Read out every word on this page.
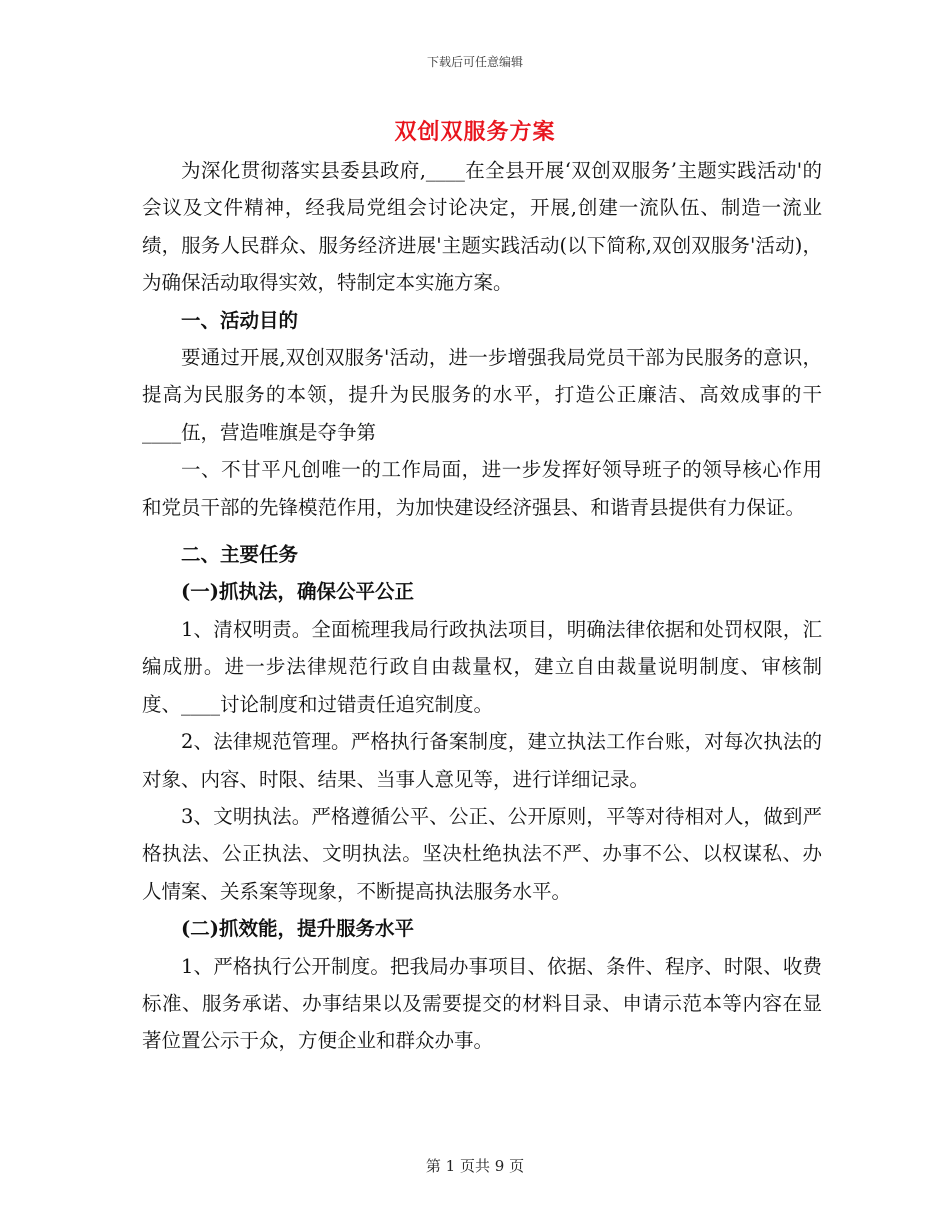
下载后可任意编辑
双创双服务方案

为深化贯彻落实县委县政府,____在全县开展‘双创双服务’主题实践活动'的会议及文件精神，经我局党组会讨论决定，开展,创建一流队伍、制造一流业绩，服务人民群众、服务经济进展'主题实践活动(以下简称,双创双服务'活动)，为确保活动取得实效，特制定本实施方案。

一、活动目的

要通过开展,双创双服务'活动，进一步增强我局党员干部为民服务的意识，提高为民服务的本领，提升为民服务的水平，打造公正廉洁、高效成事的干____伍，营造唯旗是夺争第

一、不甘平凡创唯一的工作局面，进一步发挥好领导班子的领导核心作用和党员干部的先锋模范作用，为加快建设经济强县、和谐青县提供有力保证。

二、主要任务

(一)抓执法，确保公平公正

1、清权明责。全面梳理我局行政执法项目，明确法律依据和处罚权限，汇编成册。进一步法律规范行政自由裁量权，建立自由裁量说明制度、审核制度、____讨论制度和过错责任追究制度。

2、法律规范管理。严格执行备案制度，建立执法工作台账，对每次执法的对象、内容、时限、结果、当事人意见等，进行详细记录。

3、文明执法。严格遵循公平、公正、公开原则，平等对待相对人，做到严格执法、公正执法、文明执法。坚决杜绝执法不严、办事不公、以权谋私、办人情案、关系案等现象，不断提高执法服务水平。

(二)抓效能，提升服务水平

1、严格执行公开制度。把我局办事项目、依据、条件、程序、时限、收费标准、服务承诺、办事结果以及需要提交的材料目录、申请示范本等内容在显著位置公示于众，方便企业和群众办事。

第 1 页共 9 页
